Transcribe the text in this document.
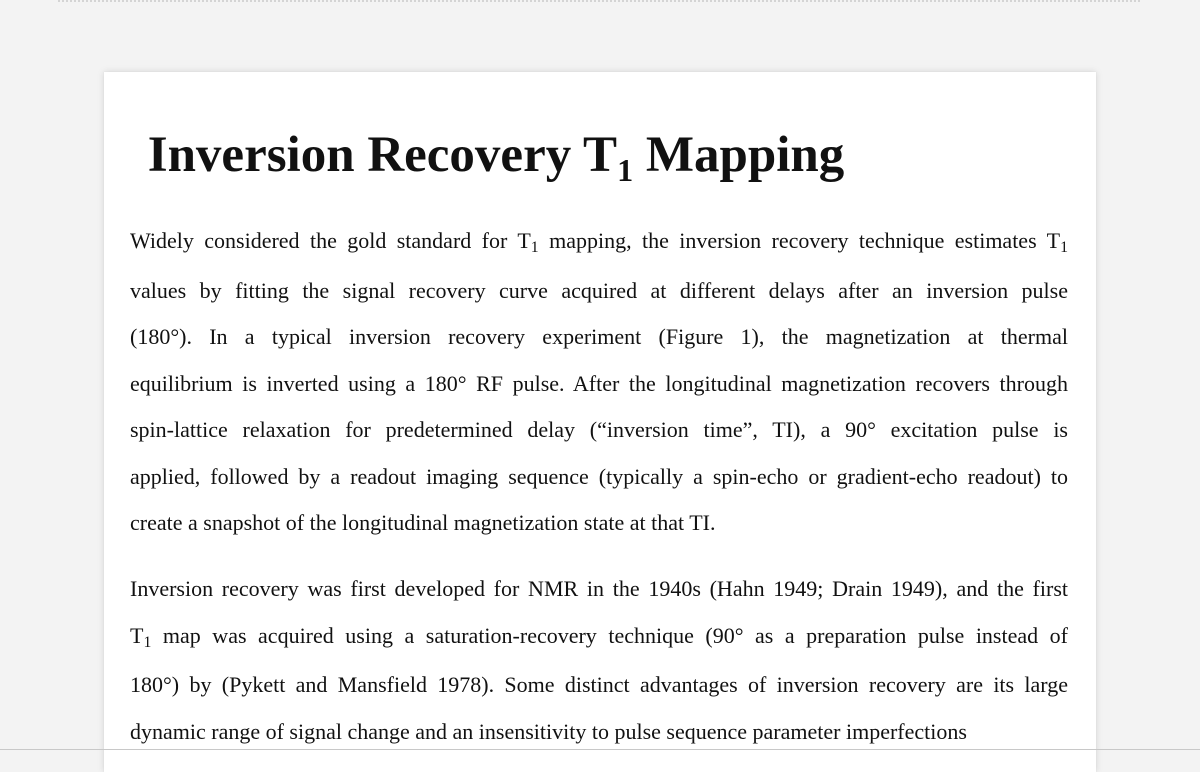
Inversion Recovery T1 Mapping
Widely considered the gold standard for $T_1$ mapping, the inversion recovery technique estimates $T_1$
values by fitting the signal recovery curve acquired at different delays after an inversion pulse
(180°). In a typical inversion recovery experiment (Figure 1), the magnetization at thermal
equilibrium is inverted using a 180° RF pulse. After the longitudinal magnetization recovers through
spin-lattice relaxation for predetermined delay (“inversion time”, TI), a 90° excitation pulse is
applied, followed by a readout imaging sequence (typically a spin-echo or gradient-echo readout) to
create a snapshot of the longitudinal magnetization state at that TI.
Inversion recovery was first developed for NMR in the 1940s (Hahn 1949; Drain 1949), and the first
$T_1$ map was acquired using a saturation-recovery technique (90° as a preparation pulse instead of
180°) by (Pykett and Mansfield 1978). Some distinct advantages of inversion recovery are its large
dynamic range of signal change and an insensitivity to pulse sequence parameter imperfections
